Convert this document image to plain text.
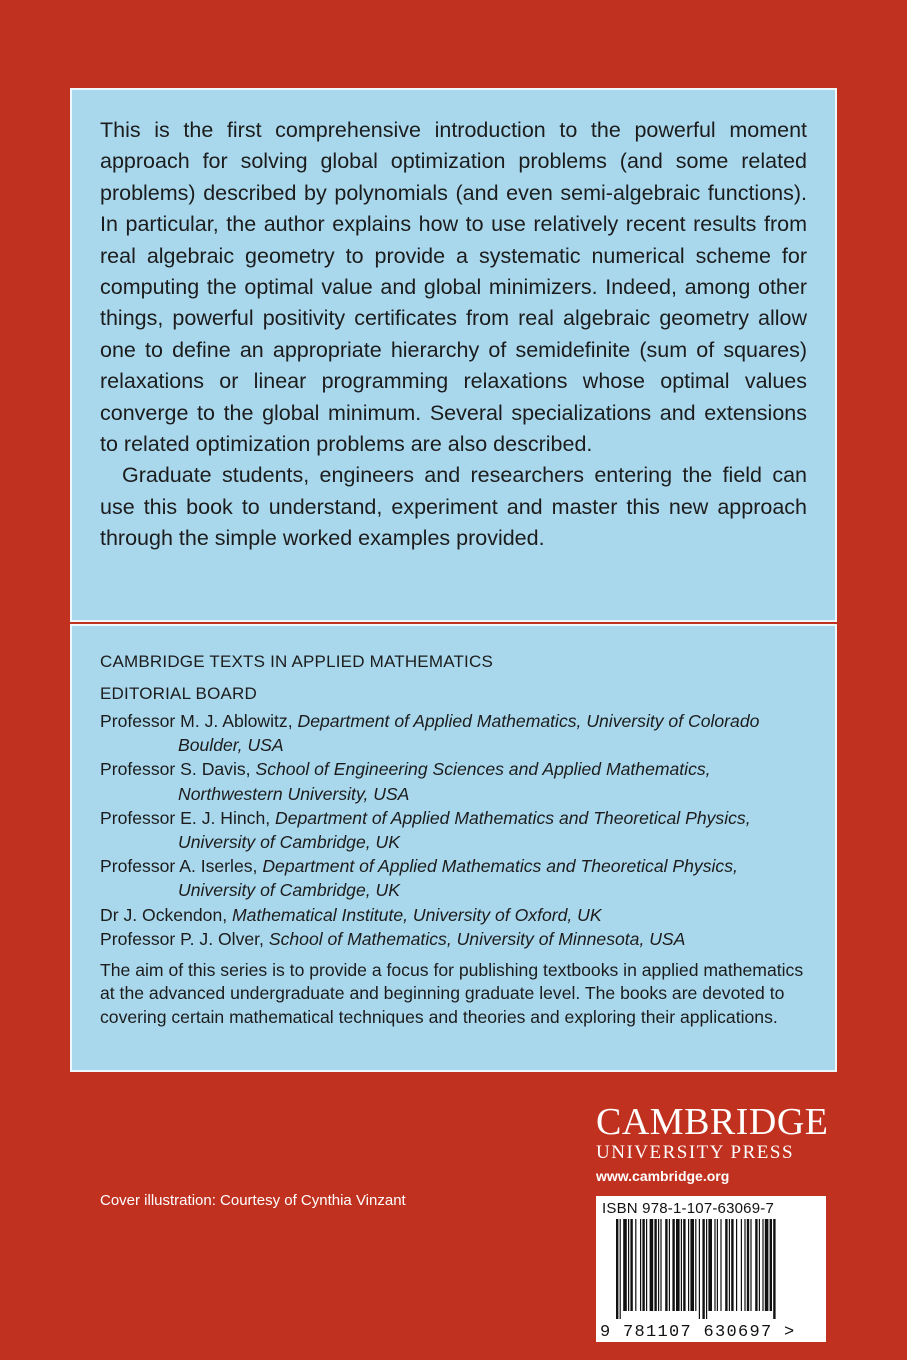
This is the first comprehensive introduction to the powerful moment approach for solving global optimization problems (and some related problems) described by polynomials (and even semi-algebraic functions). In particular, the author explains how to use relatively recent results from real algebraic geometry to provide a systematic numerical scheme for computing the optimal value and global minimizers. Indeed, among other things, powerful positivity certificates from real algebraic geometry allow one to define an appropriate hierarchy of semidefinite (sum of squares) relaxations or linear programming relaxations whose optimal values converge to the global minimum. Several specializations and extensions to related optimization problems are also described.

Graduate students, engineers and researchers entering the field can use this book to understand, experiment and master this new approach through the simple worked examples provided.

CAMBRIDGE TEXTS IN APPLIED MATHEMATICS
EDITORIAL BOARD
Professor M. J. Ablowitz, Department of Applied Mathematics, University of Colorado Boulder, USA
Professor S. Davis, School of Engineering Sciences and Applied Mathematics, Northwestern University, USA
Professor E. J. Hinch, Department of Applied Mathematics and Theoretical Physics, University of Cambridge, UK
Professor A. Iserles, Department of Applied Mathematics and Theoretical Physics, University of Cambridge, UK
Dr J. Ockendon, Mathematical Institute, University of Oxford, UK
Professor P. J. Olver, School of Mathematics, University of Minnesota, USA

The aim of this series is to provide a focus for publishing textbooks in applied mathematics at the advanced undergraduate and beginning graduate level. The books are devoted to covering certain mathematical techniques and theories and exploring their applications.

Cover illustration: Courtesy of Cynthia Vinzant
CAMBRIDGE
UNIVERSITY PRESS
www.cambridge.org
ISBN 978-1-107-63069-7
9 781107 630697 >
